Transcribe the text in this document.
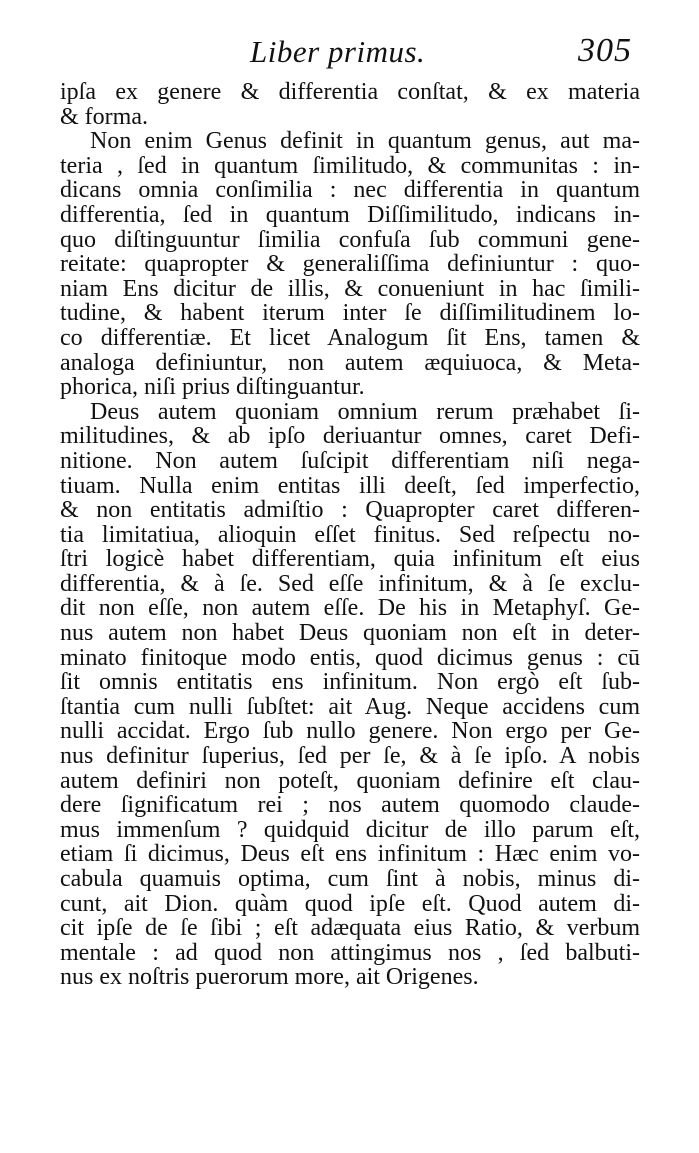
Liber primus.	305
ipſa ex genere & differentia conſtat, & ex materia
& forma.
Non enim Genus definit in quantum genus, aut ma-
teria , ſed in quantum ſimilitudo, & communitas : in-
dicans omnia conſimilia : nec differentia in quantum
differentia, ſed in quantum Diſſimilitudo, indicans in-
quo diſtinguuntur ſimilia confuſa ſub communi gene-
reitate: quapropter & generaliſſima definiuntur : quo-
niam Ens dicitur de illis, & conueniunt in hac ſimili-
tudine, & habent iterum inter ſe diſſimilitudinem lo-
co differentiæ. Et licet Analogum ſit Ens, tamen &
analoga definiuntur, non autem æquiuoca, & Meta-
phorica, niſi prius diſtinguantur.
Deus autem quoniam omnium rerum præhabet ſi-
militudines, & ab ipſo deriuantur omnes, caret Defi-
nitione. Non autem ſuſcipit differentiam niſi nega-
tiuam. Nulla enim entitas illi deeſt, ſed imperfectio,
& non entitatis admiſtio : Quapropter caret differen-
tia limitatiua, alioquin eſſet finitus. Sed reſpectu no-
ſtri logicè habet differentiam, quia infinitum eſt eius
differentia, & à ſe. Sed eſſe infinitum, & à ſe exclu-
dit non eſſe, non autem eſſe. De his in Metaphyſ. Ge-
nus autem non habet Deus quoniam non eſt in deter-
minato finitoque modo entis, quod dicimus genus : cū
ſit omnis entitatis ens infinitum. Non ergò eſt ſub-
ſtantia cum nulli ſubſtet: ait Aug. Neque accidens cum
nulli accidat. Ergo ſub nullo genere. Non ergo per Ge-
nus definitur ſuperius, ſed per ſe, & à ſe ipſo. A nobis
autem definiri non poteſt, quoniam definire eſt clau-
dere ſignificatum rei ; nos autem quomodo claude-
mus immenſum ? quidquid dicitur de illo parum eſt,
etiam ſi dicimus, Deus eſt ens infinitum : Hæc enim vo-
cabula quamuis optima, cum ſint à nobis, minus di-
cunt, ait Dion. quàm quod ipſe eſt. Quod autem di-
cit ipſe de ſe ſibi ; eſt adæquata eius Ratio, & verbum
mentale : ad quod non attingimus nos , ſed balbuti-
nus ex noſtris puerorum more, ait Origenes.
